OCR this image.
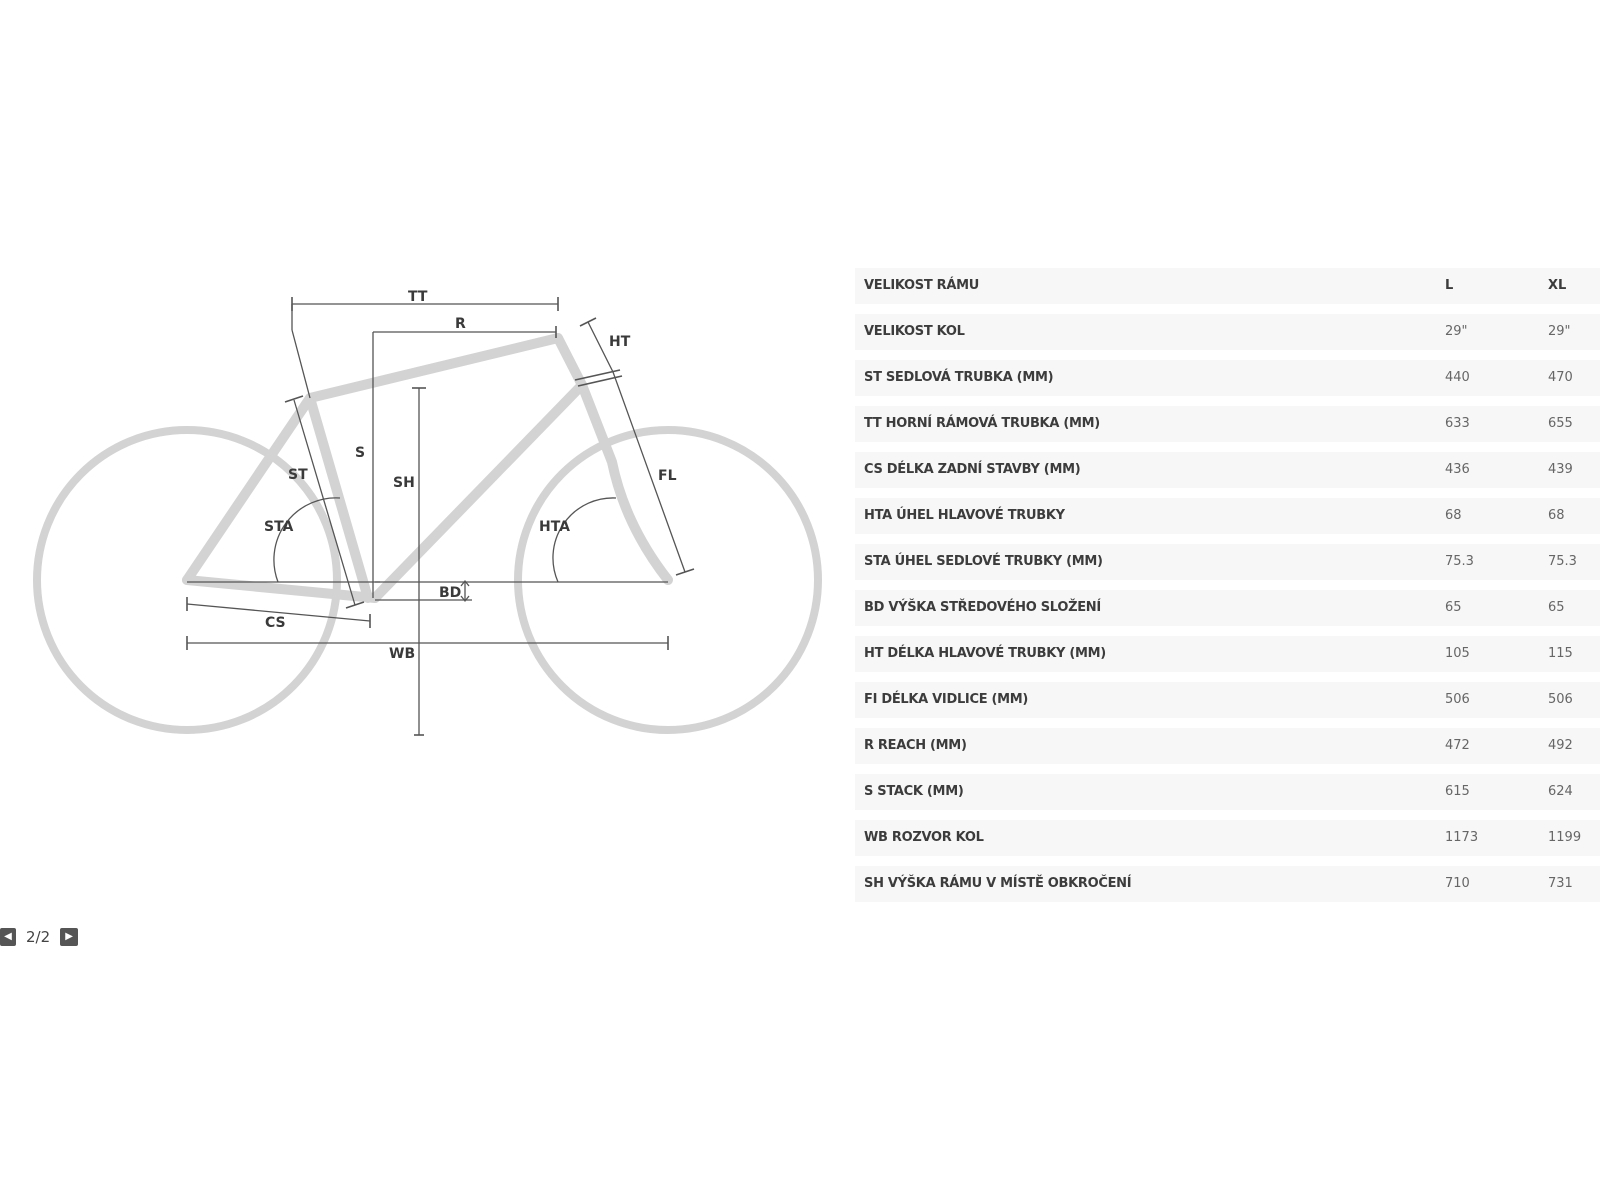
TT
R
HT
S
SH
ST
STA	HTA
FL
BD
CS
WB
VELIKOST RÁMU	L	XL
VELIKOST KOL	29"	29"
ST SEDLOVÁ TRUBKA (MM)	440	470
TT HORNÍ RÁMOVÁ TRUBKA (MM)	633	655
CS DÉLKA ZADNÍ STAVBY (MM)	436	439
HTA ÚHEL HLAVOVÉ TRUBKY	68	68
STA ÚHEL SEDLOVÉ TRUBKY (MM)	75.3	75.3
BD VÝŠKA STŘEDOVÉHO SLOŽENÍ	65	65
HT DÉLKA HLAVOVÉ TRUBKY (MM)	105	115
FI DÉLKA VIDLICE (MM)	506	506
R REACH (MM)	472	492
S STACK (MM)	615	624
WB ROZVOR KOL	1173	1199
SH VÝŠKA RÁMU V MÍSTĚ OBKROČENÍ	710	731
◀ 2/2	▶
